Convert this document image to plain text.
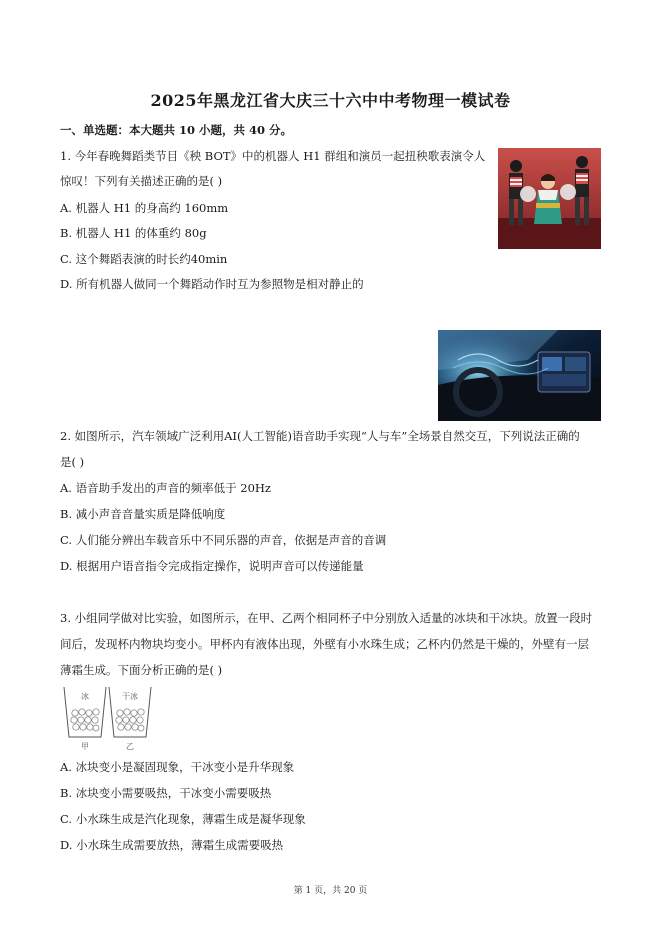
2025年黑龙江省大庆三十六中中考物理一模试卷
一、单选题：本大题共 10 小题，共 40 分。
1. 今年春晚舞蹈类节目《秧 BOT》中的机器人 H1 群组和演员一起扭秧歌表演令人
惊叹！下列有关描述正确的是( )
A. 机器人 H1 的身高约 160mm
B. 机器人 H1 的体重约 80g
C. 这个舞蹈表演的时长约40min
D. 所有机器人做同一个舞蹈动作时互为参照物是相对静止的
2. 如图所示，汽车领域广泛利用AI(人工智能)语音助手实现“人与车”全场景自然交互，下列说法正确的
是( )
A. 语音助手发出的声音的频率低于 20Hz
B. 减小声音音量实质是降低响度
C. 人们能分辨出车载音乐中不同乐器的声音，依据是声音的音调
D. 根据用户语音指令完成指定操作，说明声音可以传递能量
3. 小组同学做对比实验，如图所示，在甲、乙两个相同杯子中分别放入适量的冰块和干冰块。放置一段时
间后，发现杯内物块均变小。甲杯内有液体出现，外壁有小水珠生成；乙杯内仍然是干燥的，外壁有一层
薄霜生成。下面分析正确的是( )
冰
甲
干冰
乙
A. 冰块变小是凝固现象，干冰变小是升华现象
B. 冰块变小需要吸热，干冰变小需要吸热
C. 小水珠生成是汽化现象，薄霜生成是凝华现象
D. 小水珠生成需要放热，薄霜生成需要吸热
第 1 页，共 20 页
